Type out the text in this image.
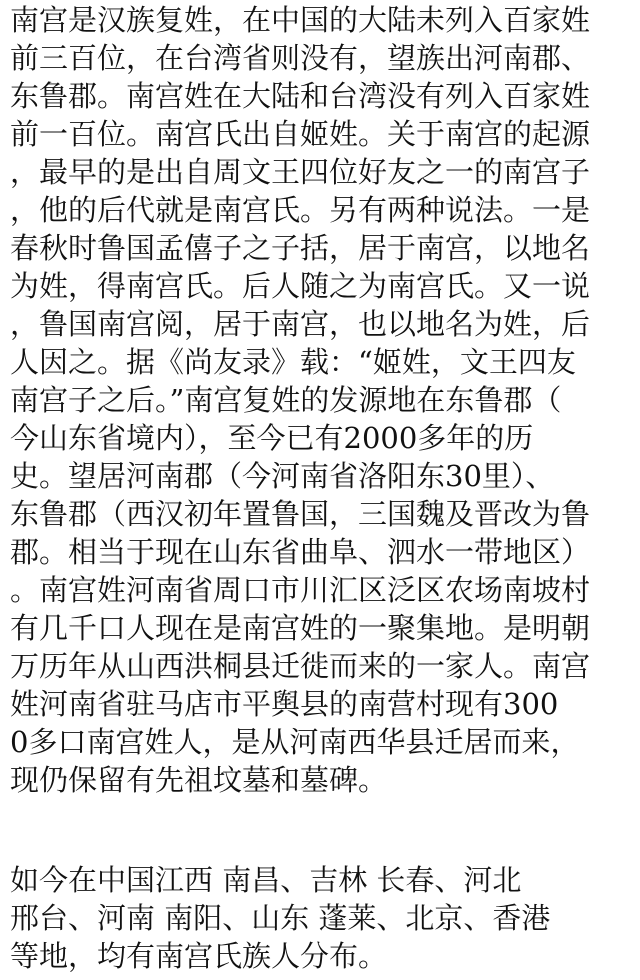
南宫是汉族复姓，在中国的大陆未列入百家姓
前三百位，在台湾省则没有，望族出河南郡、
东鲁郡。南宫姓在大陆和台湾没有列入百家姓
前一百位。南宫氏出自姬姓。关于南宫的起源
，最早的是出自周文王四位好友之一的南宫子
，他的后代就是南宫氏。另有两种说法。一是
春秋时鲁国孟僖子之子括，居于南宫，以地名
为姓，得南宫氏。后人随之为南宫氏。又一说
，鲁国南宫阅，居于南宫，也以地名为姓，后
人因之。据《尚友录》载：“姬姓，文王四友
南宫子之后。”南宫复姓的发源地在东鲁郡（
今山东省境内），至今已有2000多年的历
史。望居河南郡（今河南省洛阳东30里）、
东鲁郡（西汉初年置鲁国，三国魏及晋改为鲁
郡。相当于现在山东省曲阜、泗水一带地区）
。南宫姓河南省周口市川汇区泛区农场南坡村
有几千口人现在是南宫姓的一聚集地。是明朝
万历年从山西洪桐县迁徙而来的一家人。南宫
姓河南省驻马店市平舆县的南营村现有300
0多口南宫姓人，是从河南西华县迁居而来，
现仍保留有先祖坟墓和墓碑。
如今在中国江西 南昌、吉林 长春、河北
邢台、河南 南阳、山东 蓬莱、北京、香港
等地，均有南宫氏族人分布。
